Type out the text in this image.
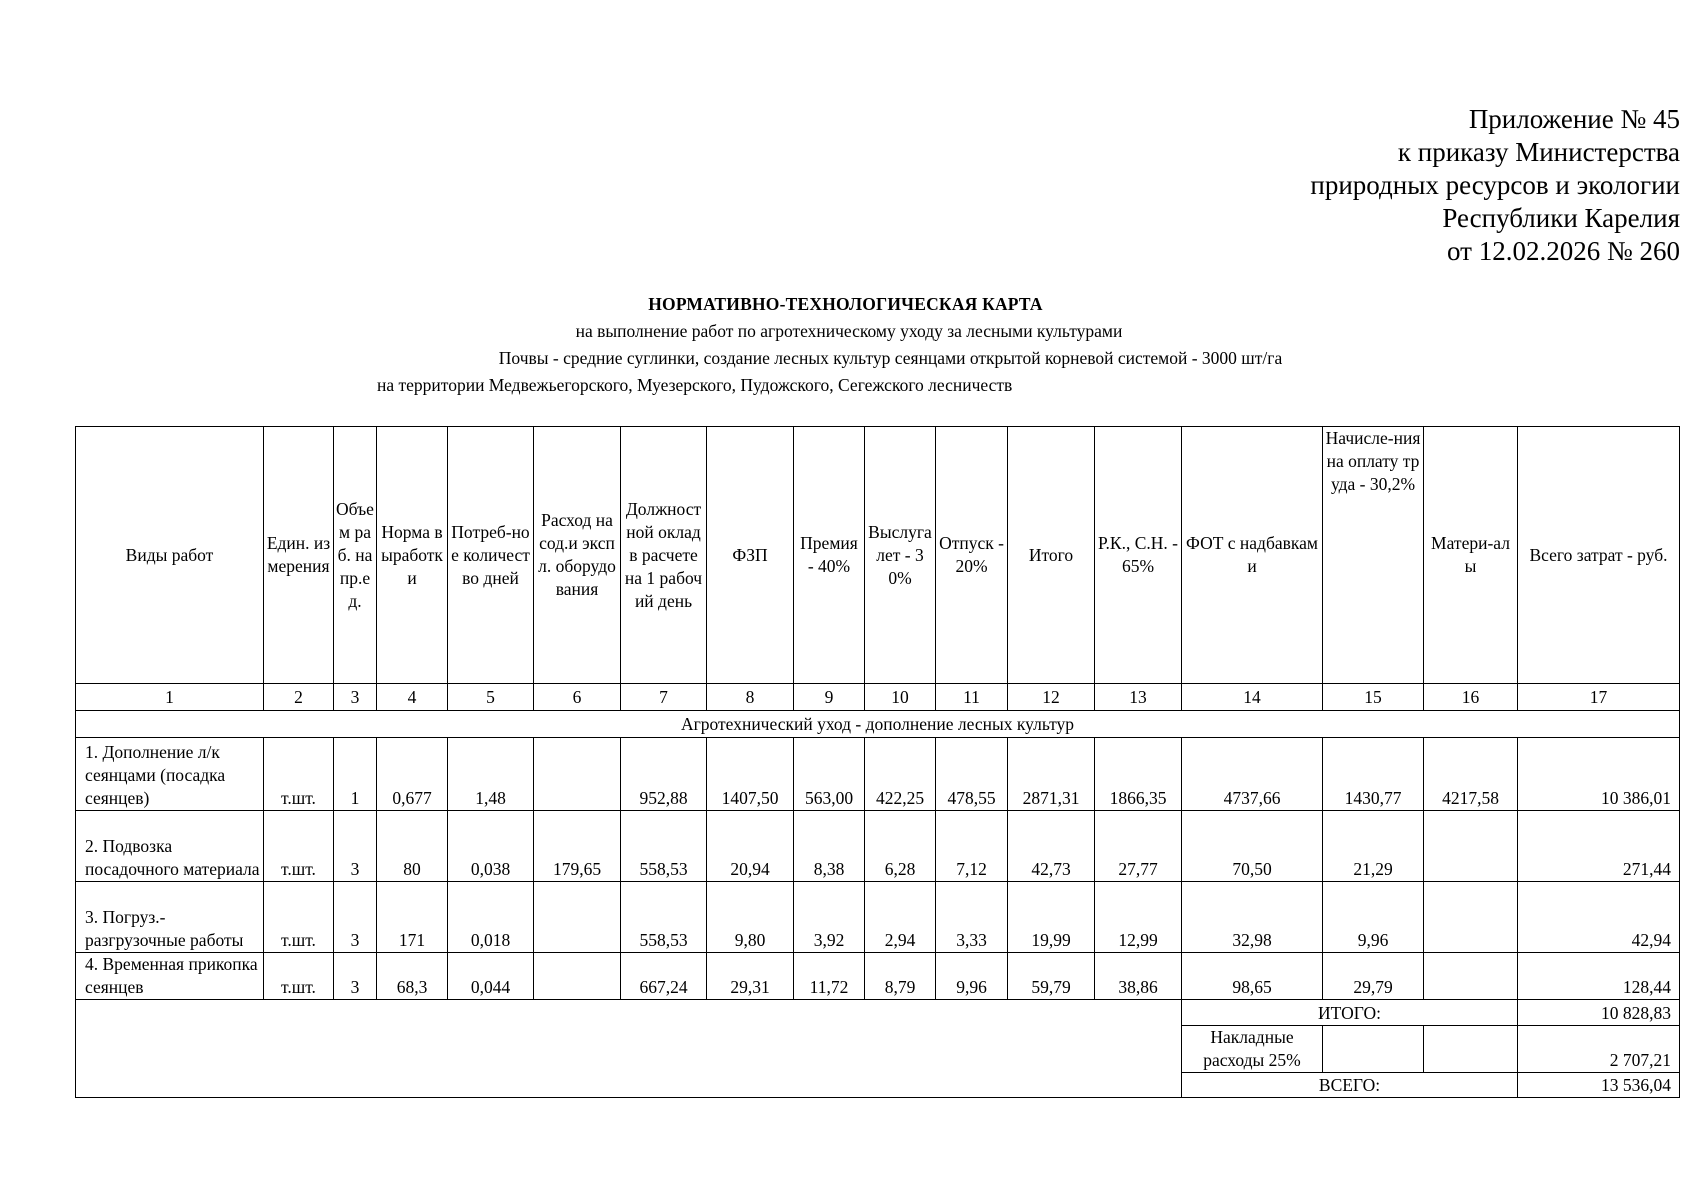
Приложение № 45
к приказу Министерства
природных ресурсов и экологии
Республики Карелия
от 12.02.2026 № 260
НОРМАТИВНО-ТЕХНОЛОГИЧЕСКАЯ КАРТА
на выполнение работ по агротехническому уходу за лесными культурами
Почвы - средние суглинки, создание лесных культур сеянцами открытой корневой системой - 3000 шт/га
на территории Медвежьегорского, Муезерского, Пудожского, Сегежского лесничеств
Виды работ	Един. измерения	Объем раб. на пр.ед.	Норма выработки	Потреб-ное количество дней	Расход на сод.и экспл. оборудования	Должностной оклад в расчете на 1 рабочий день	ФЗП	Премия - 40%	Выслуга лет - 30%	Отпуск - 20%	Итого	Р.К., С.Н. - 65%	ФОТ с надбавками	Начисле-ния на оплату труда - 30,2%	Матери-алы	Всего затрат - руб.
1	2	3	4	5	6	7	8	9	10	11	12	13	14	15	16	17
Агротехнический уход - дополнение лесных культур																
1. Дополнение л/к сеянцами (посадка сеянцев)	т.шт.	1	0,677	1,48		952,88	1407,50	563,00	422,25	478,55	2871,31	1866,35	4737,66	1430,77	4217,58	10 386,01
2. Подвозка посадочного материала	т.шт.	3	80	0,038	179,65	558,53	20,94	8,38	6,28	7,12	42,73	27,77	70,50	21,29		271,44
3. Погруз.-разгрузочные работы	т.шт.	3	171	0,018		558,53	9,80	3,92	2,94	3,33	19,99	12,99	32,98	9,96		42,94
4. Временная прикопка сеянцев	т.шт.	3	68,3	0,044		667,24	29,31	11,72	8,79	9,96	59,79	38,86	98,65	29,79		128,44
													ИТОГО:			10 828,83
													Накладные расходы 25%			2 707,21
													ВСЕГО:			13 536,04
